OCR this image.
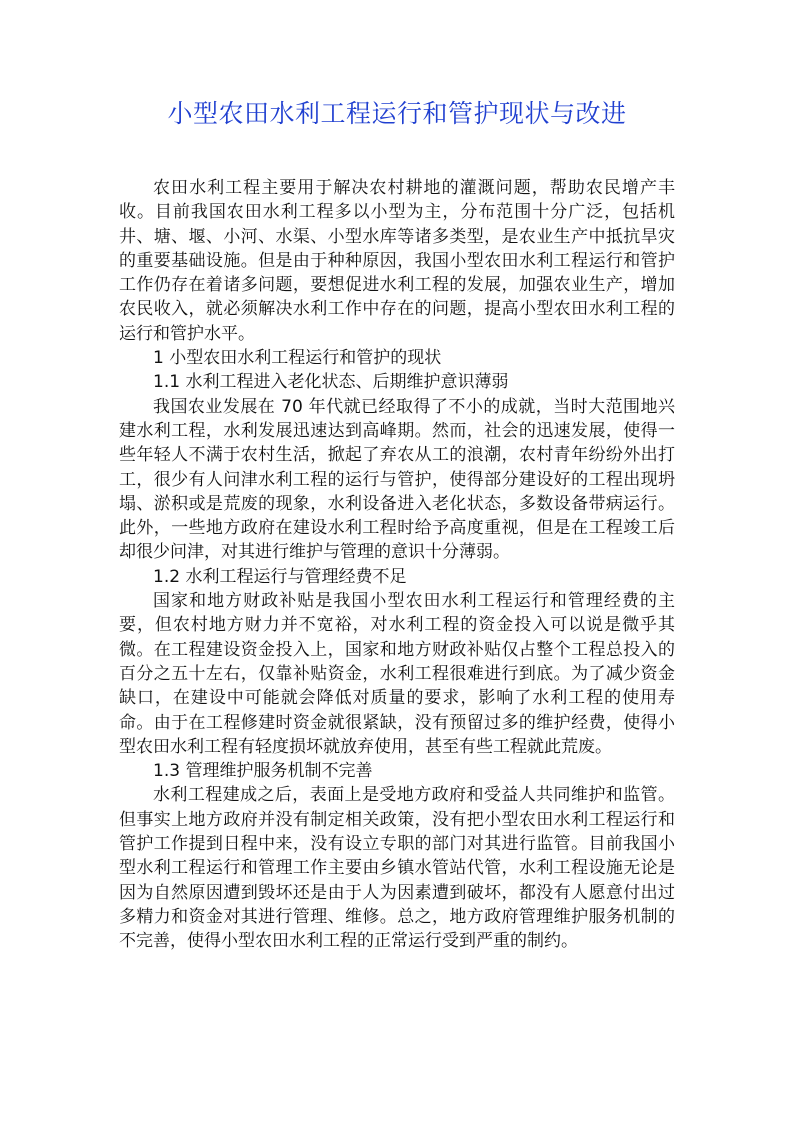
小型农田水利工程运行和管护现状与改进

农田水利工程主要用于解决农村耕地的灌溉问题，帮助农民增产丰收。目前我国农田水利工程多以小型为主，分布范围十分广泛，包括机井、塘、堰、小河、水渠、小型水库等诸多类型，是农业生产中抵抗旱灾的重要基础设施。但是由于种种原因，我国小型农田水利工程运行和管护工作仍存在着诸多问题，要想促进水利工程的发展，加强农业生产，增加农民收入，就必须解决水利工作中存在的问题，提高小型农田水利工程的运行和管护水平。

1 小型农田水利工程运行和管护的现状

1.1 水利工程进入老化状态、后期维护意识薄弱

我国农业发展在 70 年代就已经取得了不小的成就，当时大范围地兴建水利工程，水利发展迅速达到高峰期。然而，社会的迅速发展，使得一些年轻人不满于农村生活，掀起了弃农从工的浪潮，农村青年纷纷外出打工，很少有人问津水利工程的运行与管护，使得部分建设好的工程出现坍塌、淤积或是荒废的现象，水利设备进入老化状态，多数设备带病运行。此外，一些地方政府在建设水利工程时给予高度重视，但是在工程竣工后却很少问津，对其进行维护与管理的意识十分薄弱。

1.2 水利工程运行与管理经费不足

国家和地方财政补贴是我国小型农田水利工程运行和管理经费的主要，但农村地方财力并不宽裕，对水利工程的资金投入可以说是微乎其微。在工程建设资金投入上，国家和地方财政补贴仅占整个工程总投入的百分之五十左右，仅靠补贴资金，水利工程很难进行到底。为了减少资金缺口，在建设中可能就会降低对质量的要求，影响了水利工程的使用寿命。由于在工程修建时资金就很紧缺，没有预留过多的维护经费，使得小型农田水利工程有轻度损坏就放弃使用，甚至有些工程就此荒废。

1.3 管理维护服务机制不完善

水利工程建成之后，表面上是受地方政府和受益人共同维护和监管。但事实上地方政府并没有制定相关政策，没有把小型农田水利工程运行和管护工作提到日程中来，没有设立专职的部门对其进行监管。目前我国小型水利工程运行和管理工作主要由乡镇水管站代管，水利工程设施无论是因为自然原因遭到毁坏还是由于人为因素遭到破坏，都没有人愿意付出过多精力和资金对其进行管理、维修。总之，地方政府管理维护服务机制的不完善，使得小型农田水利工程的正常运行受到严重的制约。
